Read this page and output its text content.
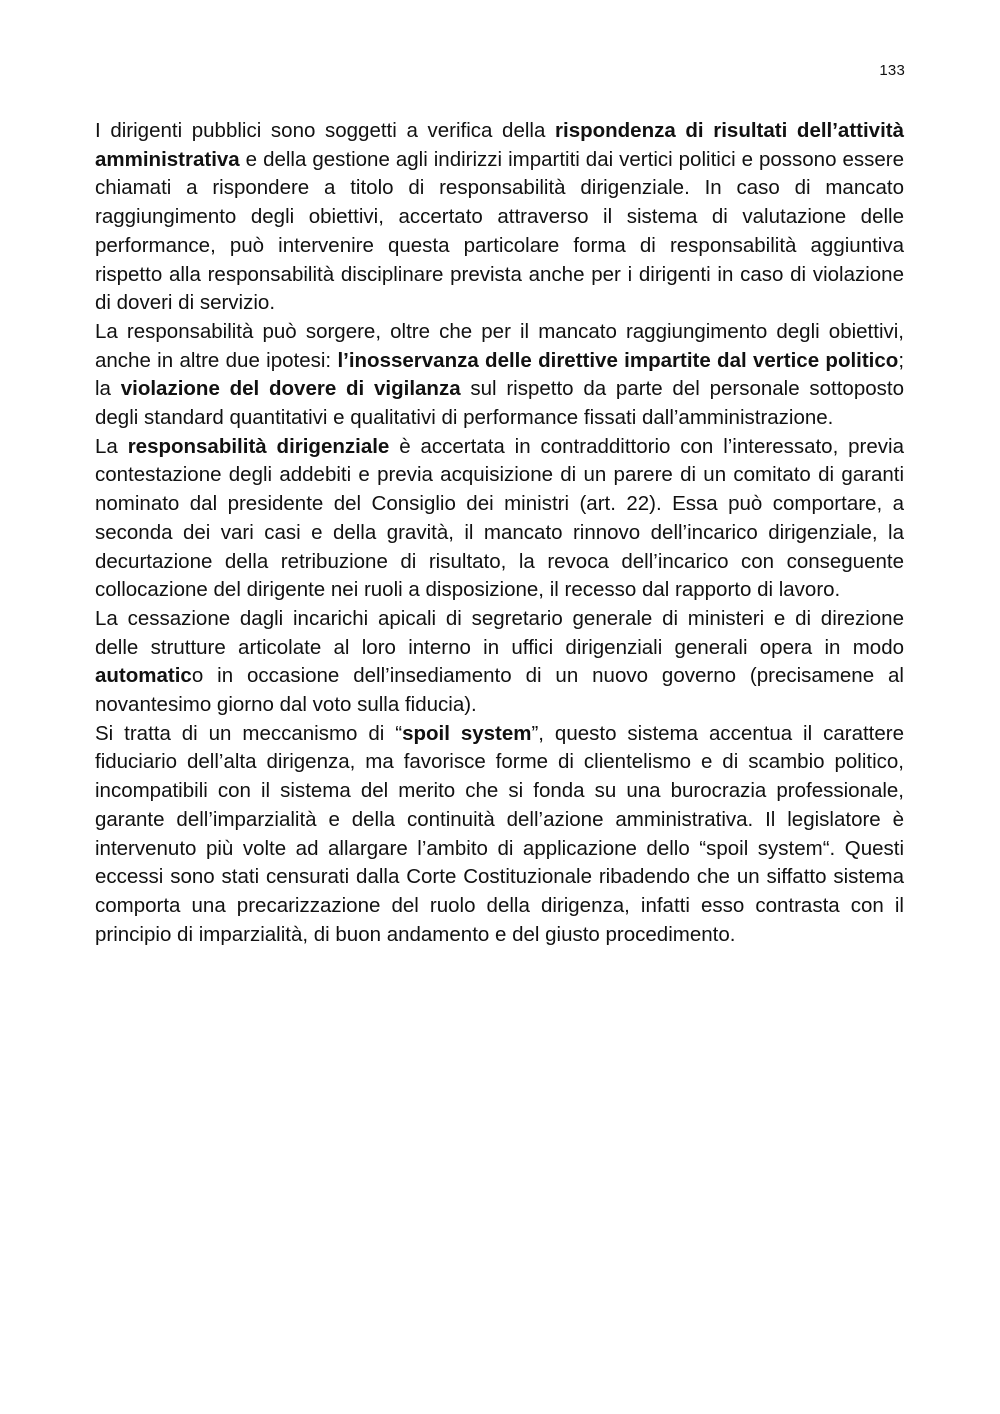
133

I dirigenti pubblici sono soggetti a verifica della rispondenza di risultati dell’attività amministrativa e della gestione agli indirizzi impartiti dai vertici politici e possono essere chiamati a rispondere a titolo di responsabilità dirigenziale. In caso di mancato raggiungimento degli obiettivi, accertato attraverso il sistema di valutazione delle performance, può intervenire questa particolare forma di responsabilità aggiuntiva rispetto alla responsabilità disciplinare prevista anche per i dirigenti in caso di violazione di doveri di servizio.

La responsabilità può sorgere, oltre che per il mancato raggiungimento degli obiettivi, anche in altre due ipotesi: l’inosservanza delle direttive impartite dal vertice politico; la violazione del dovere di vigilanza sul rispetto da parte del personale sottoposto degli standard quantitativi e qualitativi di performance fissati dall’amministrazione.

La responsabilità dirigenziale è accertata in contraddittorio con l’interessato, previa contestazione degli addebiti e previa acquisizione di un parere di un comitato di garanti nominato dal presidente del Consiglio dei ministri (art. 22). Essa può comportare, a seconda dei vari casi e della gravità, il mancato rinnovo dell’incarico dirigenziale, la decurtazione della retribuzione di risultato, la revoca dell’incarico con conseguente collocazione del dirigente nei ruoli a disposizione, il recesso dal rapporto di lavoro.

La cessazione dagli incarichi apicali di segretario generale di ministeri e di direzione delle strutture articolate al loro interno in uffici dirigenziali generali opera in modo automatico in occasione dell’insediamento di un nuovo governo (precisamene al novantesimo giorno dal voto sulla fiducia).

Si tratta di un meccanismo di “spoil system”, questo sistema accentua il carattere fiduciario dell’alta dirigenza, ma favorisce forme di clientelismo e di scambio politico, incompatibili con il sistema del merito che si fonda su una burocrazia professionale, garante dell’imparzialità e della continuità dell’azione amministrativa. Il legislatore è intervenuto più volte ad allargare l’ambito di applicazione dello “spoil system“. Questi eccessi sono stati censurati dalla Corte Costituzionale ribadendo che un siffatto sistema comporta una precarizzazione del ruolo della dirigenza, infatti esso contrasta con il principio di imparzialità, di buon andamento e del giusto procedimento.
